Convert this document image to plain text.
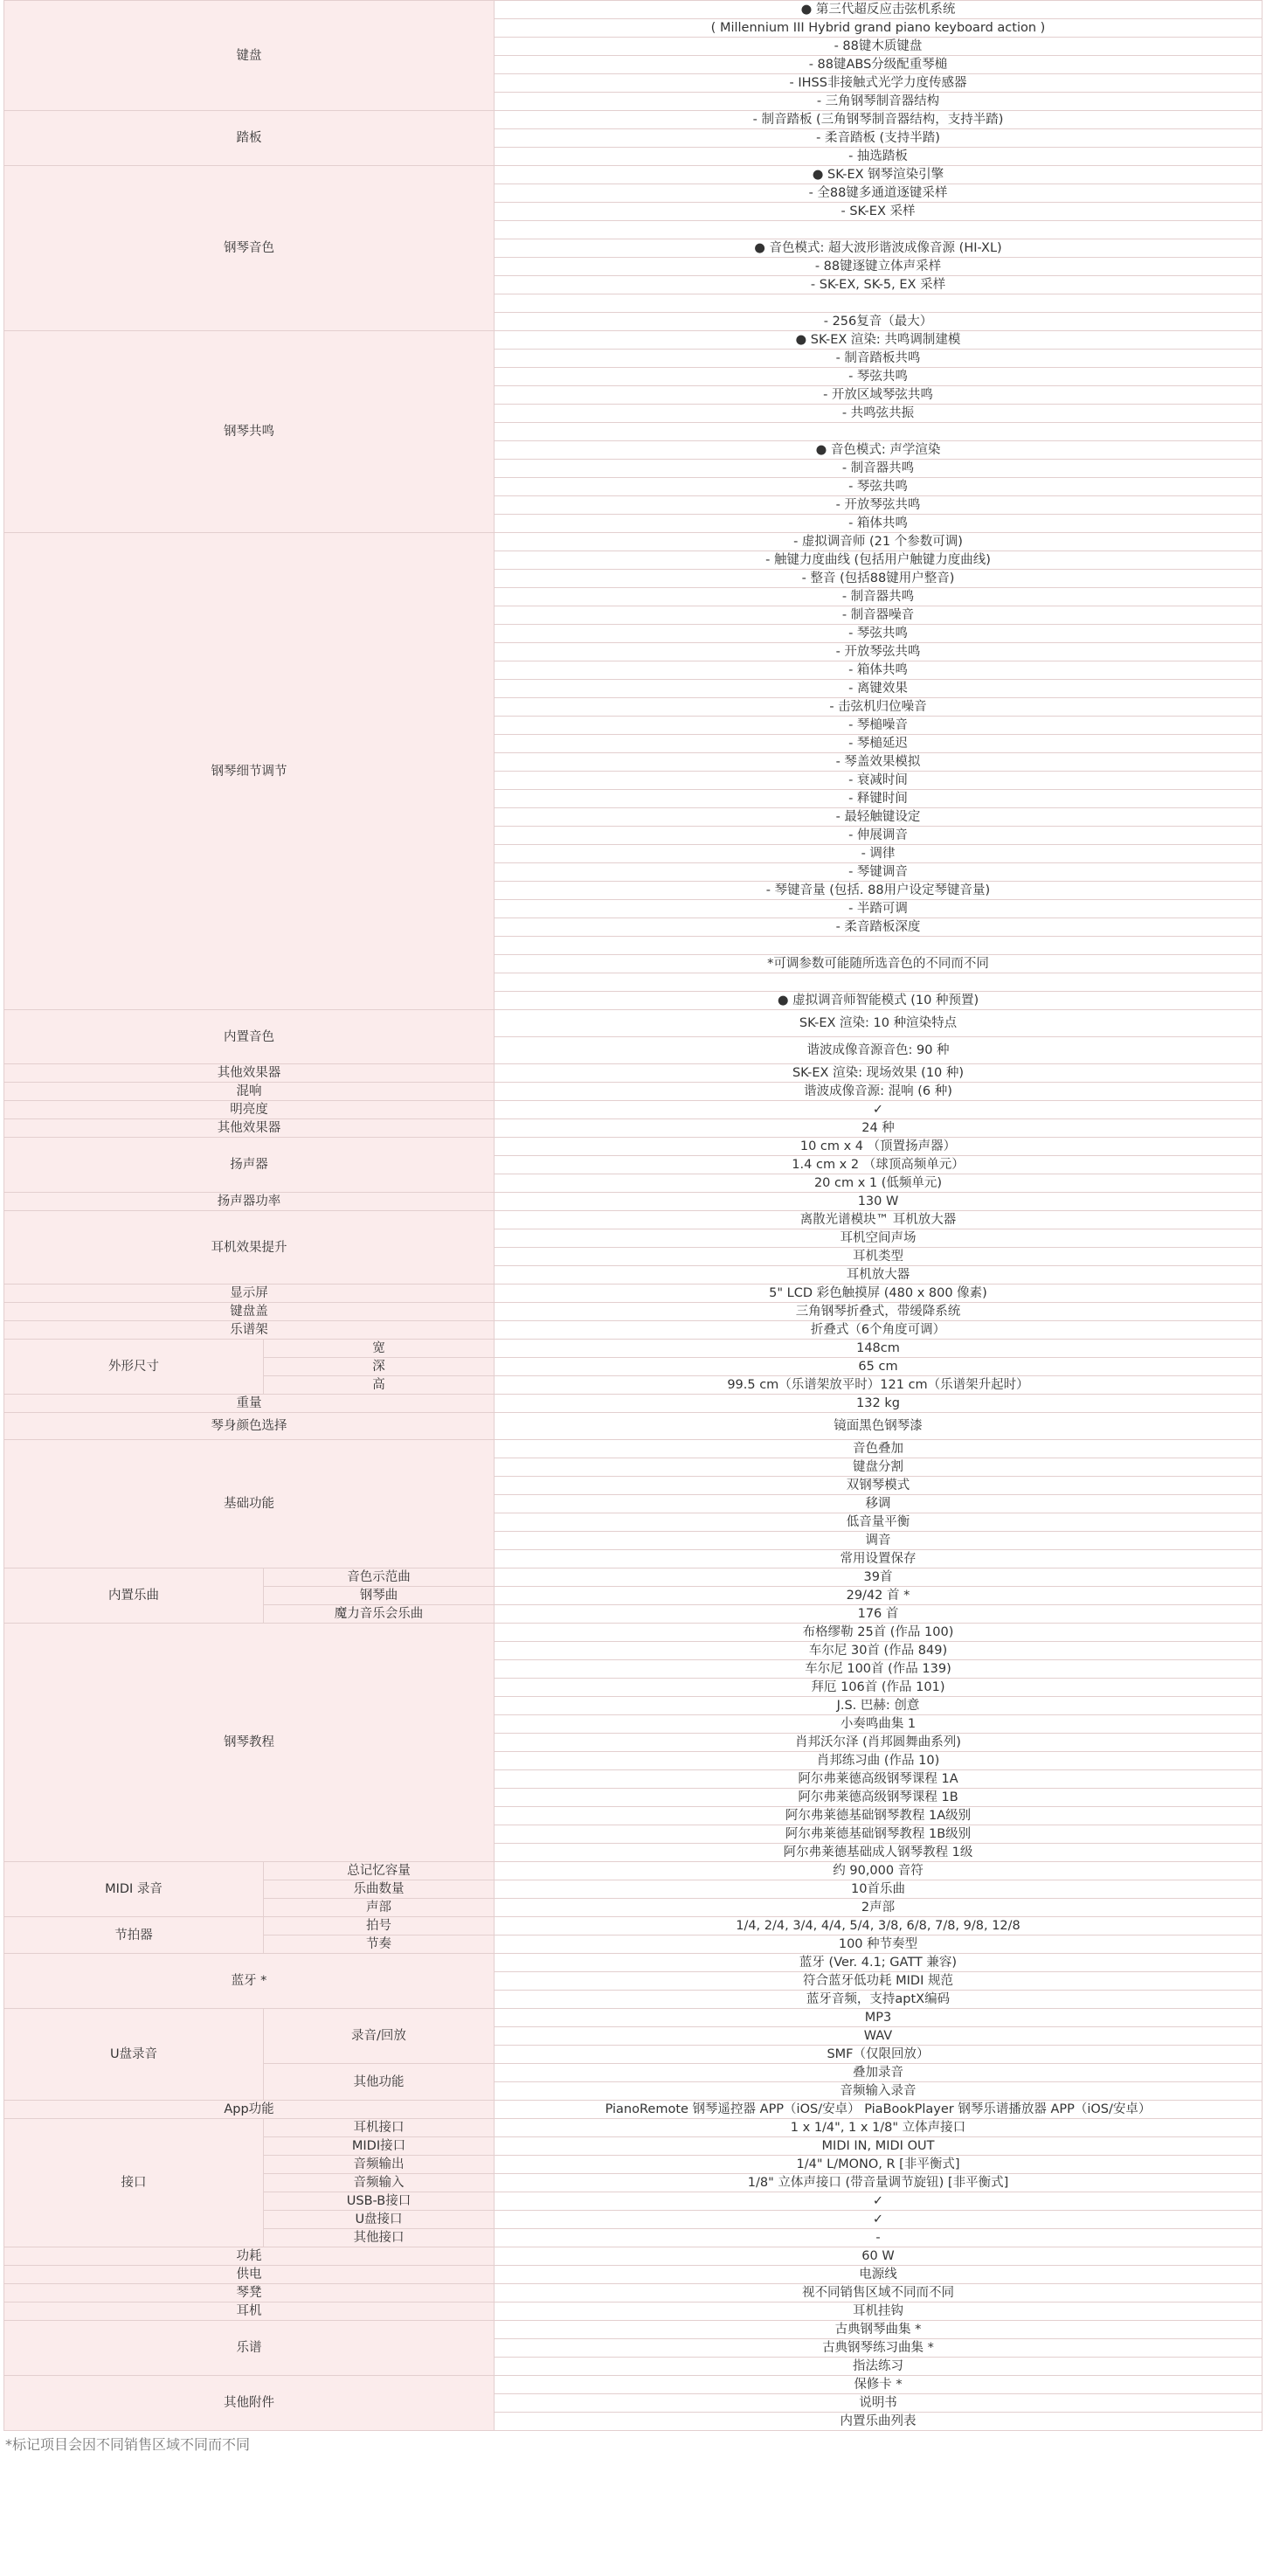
键盘		● 第三代超反应击弦机系统
		( Millennium III Hybrid grand piano keyboard action )
		- 88键木质键盘
		- 88键ABS分级配重琴槌
		- IHSS非接触式光学力度传感器
		- 三角钢琴制音器结构
踏板		- 制音踏板 (三角钢琴制音器结构，支持半踏)
		- 柔音踏板 (支持半踏)
		- 抽选踏板
钢琴音色		● SK-EX 钢琴渲染引擎
		- 全88键多通道逐键采样
		- SK-EX 采样

		● 音色模式: 超大波形谐波成像音源 (HI-XL)
		- 88键逐键立体声采样
		- SK-EX, SK-5, EX 采样

		- 256复音（最大）
钢琴共鸣		● SK-EX 渲染: 共鸣调制建模
		- 制音踏板共鸣
		- 琴弦共鸣
		- 开放区域琴弦共鸣
		- 共鸣弦共振

		● 音色模式: 声学渲染
		- 制音器共鸣
		- 琴弦共鸣
		- 开放琴弦共鸣
		- 箱体共鸣
钢琴细节调节		- 虚拟调音师 (21 个参数可调)
		- 触键力度曲线 (包括用户触键力度曲线)
		- 整音 (包括88键用户整音)
		- 制音器共鸣
		- 制音器噪音
		- 琴弦共鸣
		- 开放琴弦共鸣
		- 箱体共鸣
		- 离键效果
		- 击弦机归位噪音
		- 琴槌噪音
		- 琴槌延迟
		- 琴盖效果模拟
		- 衰减时间
		- 释键时间
		- 最轻触键设定
		- 伸展调音
		- 调律
		- 琴键调音
		- 琴键音量 (包括. 88用户设定琴键音量)
		- 半踏可调
		- 柔音踏板深度

		*可调参数可能随所选音色的不同而不同

		● 虚拟调音师智能模式 (10 种预置)
内置音色		SK-EX 渲染: 10 种渲染特点
		谐波成像音源音色: 90 种
其他效果器		SK-EX 渲染: 现场效果 (10 种)
混响		谐波成像音源: 混响 (6 种)
明亮度		✓
其他效果器		24 种
扬声器		10 cm x 4 （顶置扬声器）
		1.4 cm x 2 （球顶高频单元）
		20 cm x 1 (低频单元)
扬声器功率		130 W
耳机效果提升		离散光谱模块™ 耳机放大器
		耳机空间声场
		耳机类型
		耳机放大器
显示屏		5" LCD 彩色触摸屏 (480 x 800 像素)
键盘盖		三角钢琴折叠式，带缓降系统
乐谱架		折叠式（6个角度可调）
外形尺寸	宽	148cm
	深	65 cm
	高	99.5 cm（乐谱架放平时）121 cm（乐谱架升起时）
重量		132 kg
琴身颜色选择		镜面黑色钢琴漆
基础功能		音色叠加
		键盘分割
		双钢琴模式
		移调
		低音量平衡
		调音
		常用设置保存
内置乐曲	音色示范曲	39首
	钢琴曲	29/42 首 *
	魔力音乐会乐曲	176 首
钢琴教程		布格缪勒 25首 (作品 100)
		车尔尼 30首 (作品 849)
		车尔尼 100首 (作品 139)
		拜厄 106首 (作品 101)
		J.S. 巴赫: 创意
		小奏鸣曲集 1
		肖邦沃尔泽 (肖邦圆舞曲系列)
		肖邦练习曲 (作品 10)
		阿尔弗莱德高级钢琴课程 1A
		阿尔弗莱德高级钢琴课程 1B
		阿尔弗莱德基础钢琴教程 1A级别
		阿尔弗莱德基础钢琴教程 1B级别
		阿尔弗莱德基础成人钢琴教程 1级
MIDI 录音	总记忆容量	约 90,000 音符
	乐曲数量	10首乐曲
	声部	2声部
节拍器	拍号	1/4, 2/4, 3/4, 4/4, 5/4, 3/8, 6/8, 7/8, 9/8, 12/8
	节奏	100 种节奏型
蓝牙 *		蓝牙 (Ver. 4.1; GATT 兼容)
		符合蓝牙低功耗 MIDI 规范
		蓝牙音频，支持aptX编码
U盘录音	录音/回放	MP3
		WAV
		SMF（仅限回放）
	其他功能	叠加录音
		音频输入录音
App功能		PianoRemote 钢琴遥控器 APP（iOS/安卓） PiaBookPlayer 钢琴乐谱播放器 APP（iOS/安卓）
接口	耳机接口	1 x 1/4", 1 x 1/8" 立体声接口
	MIDI接口	MIDI IN, MIDI OUT
	音频输出	1/4" L/MONO, R [非平衡式]
	音频输入	1/8" 立体声接口 (带音量调节旋钮) [非平衡式]
	USB-B接口	✓
	U盘接口	✓
	其他接口	-
功耗		60 W
供电		电源线
琴凳		视不同销售区域不同而不同
耳机		耳机挂钩
乐谱		古典钢琴曲集 *
		古典钢琴练习曲集 *
		指法练习
其他附件		保修卡 *
		说明书
		内置乐曲列表
*标记项目会因不同销售区域不同而不同
